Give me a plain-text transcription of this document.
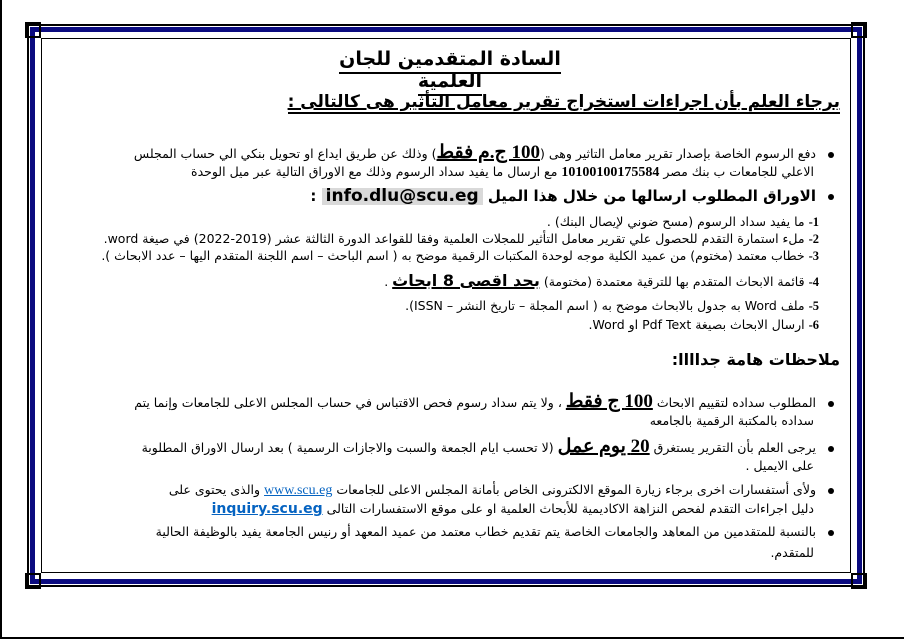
السادة المتقدمين للجان العلمية
برجاء العلم بأن اجراءات استخراج تقرير معامل التأثير هى كالتالى :
دفع الرسوم الخاصة بإصدار تقرير معامل التاثير وهى (100 ج.م فقط) وذلك عن طريق ايداع او تحويل بنكي الي حساب المجلس
الاعلي للجامعات ب بنك مصر 10100100175584 مع ارسال ما يفيد سداد الرسوم وذلك مع الاوراق التالية عبر ميل الوحدة
الاوراق المطلوب ارسالها من خلال هذا الميل info.dlu@scu.eg :
1- ما يفيد سداد الرسوم (مسح ضوني لإيصال البنك) .
2- ملء استمارة التقدم للحصول علي تقرير معامل التأثير للمجلات العلمية وفقا للقواعد الدورة الثالثة عشر (2019-2022) في صيغة word.
3- خطاب معتمد (مختوم) من عميد الكلية موجه لوحدة المكتبات الرقمية موضح به ( اسم الباحث – اسم اللجنة المتقدم اليها – عدد الابحاث ).
4- قائمة الابحاث المتقدم بها للترقية معتمدة (مختومة) بحد اقصى 8 ابحاث .
5- ملف Word به جدول بالابحاث موضح به ( اسم المجلة – تاريخ النشر – ISSN).
6- ارسال الابحاث بصيغة Pdf Text او Word.
ملاحظات هامة جداااا:
المطلوب سداده لتقييم الابحاث 100 ج فقط ، ولا يتم سداد رسوم فحص الاقتباس في حساب المجلس الاعلى للجامعات وإنما يتم
سداده بالمكتبة الرقمية بالجامعه
يرجى العلم بأن التقرير يستغرق 20 يوم عمل (لا تحسب ايام الجمعة والسبت والاجازات الرسمية ) بعد ارسال الاوراق المطلوبة
على الايميل .
ولأى أستفسارات اخرى برجاء زيارة الموقع الالكترونى الخاص بأمانة المجلس الاعلى للجامعات www.scu.eg والذى يحتوى على
دليل اجراءات التقدم لفحص النزاهة الاكاديمية للأبحاث العلمية او على موقع الاستفسارات التالى inquiry.scu.eg
بالنسبة للمتقدمين من المعاهد والجامعات الخاصة يتم تقديم خطاب معتمد من عميد المعهد أو رنيس الجامعة يفيد بالوظيفة الحالية
للمتقدم.
